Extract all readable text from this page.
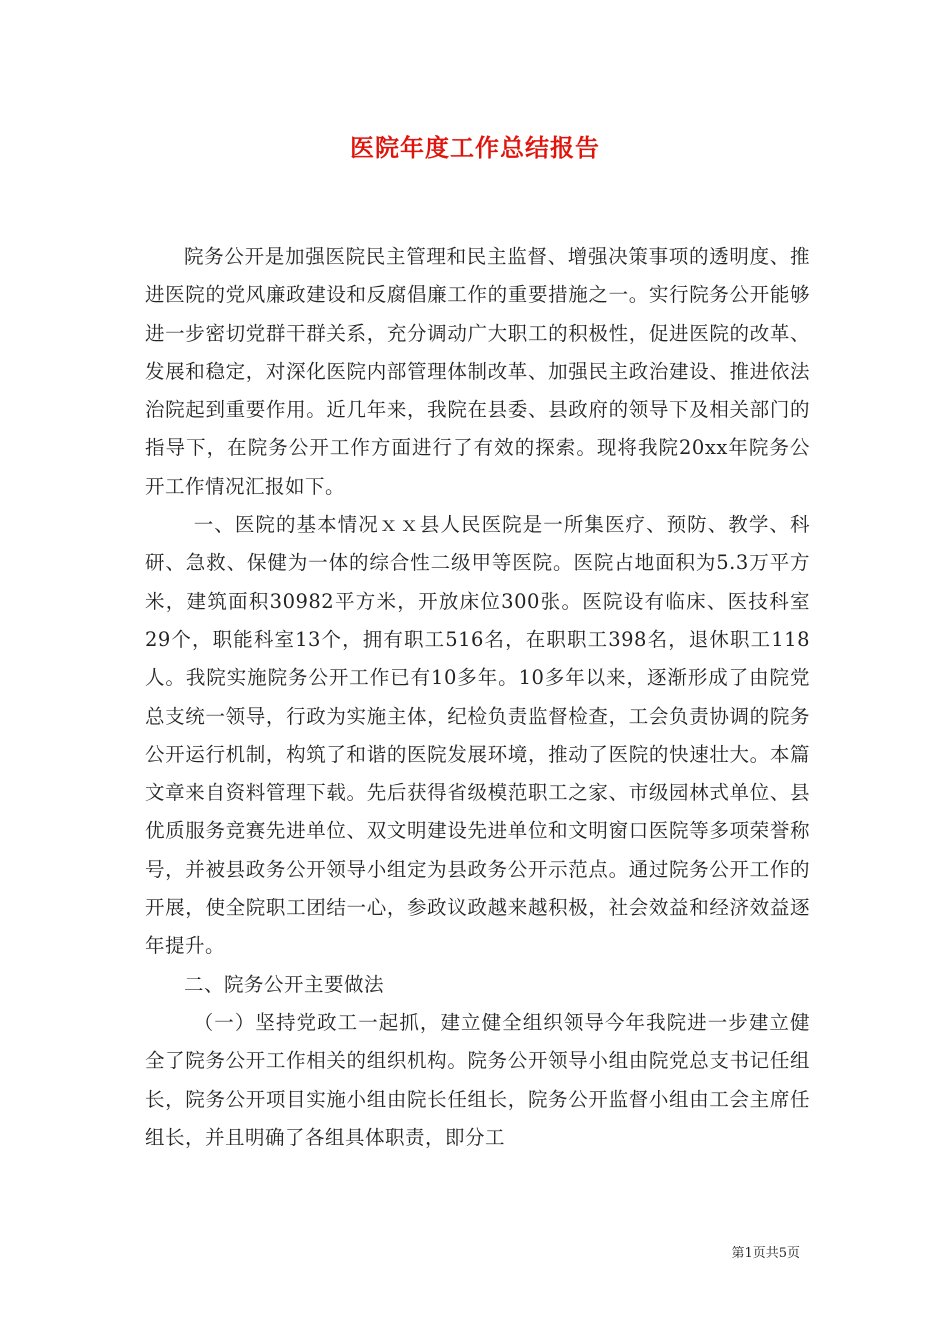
医院年度工作总结报告

院务公开是加强医院民主管理和民主监督、增强决策事项的透明度、推进医院的党风廉政建设和反腐倡廉工作的重要措施之一。实行院务公开能够进一步密切党群干群关系，充分调动广大职工的积极性，促进医院的改革、发展和稳定，对深化医院内部管理体制改革、加强民主政治建设、推进依法治院起到重要作用。近几年来，我院在县委、县政府的领导下及相关部门的指导下，在院务公开工作方面进行了有效的探索。现将我院20xx年院务公开工作情况汇报如下。

一、医院的基本情况ｘｘ县人民医院是一所集医疗、预防、教学、科研、急救、保健为一体的综合性二级甲等医院。医院占地面积为5.3万平方米，建筑面积30982平方米，开放床位300张。医院设有临床、医技科室29个，职能科室13个，拥有职工516名，在职职工398名，退休职工118人。我院实施院务公开工作已有10多年。10多年以来，逐渐形成了由院党总支统一领导，行政为实施主体，纪检负责监督检查，工会负责协调的院务公开运行机制，构筑了和谐的医院发展环境，推动了医院的快速壮大。本篇文章来自资料管理下载。先后获得省级模范职工之家、市级园林式单位、县优质服务竞赛先进单位、双文明建设先进单位和文明窗口医院等多项荣誉称号，并被县政务公开领导小组定为县政务公开示范点。通过院务公开工作的开展，使全院职工团结一心，参政议政越来越积极，社会效益和经济效益逐年提升。

二、院务公开主要做法

（一）坚持党政工一起抓，建立健全组织领导今年我院进一步建立健全了院务公开工作相关的组织机构。院务公开领导小组由院党总支书记任组长，院务公开项目实施小组由院长任组长，院务公开监督小组由工会主席任组长，并且明确了各组具体职责，即分工

第1页共5页
